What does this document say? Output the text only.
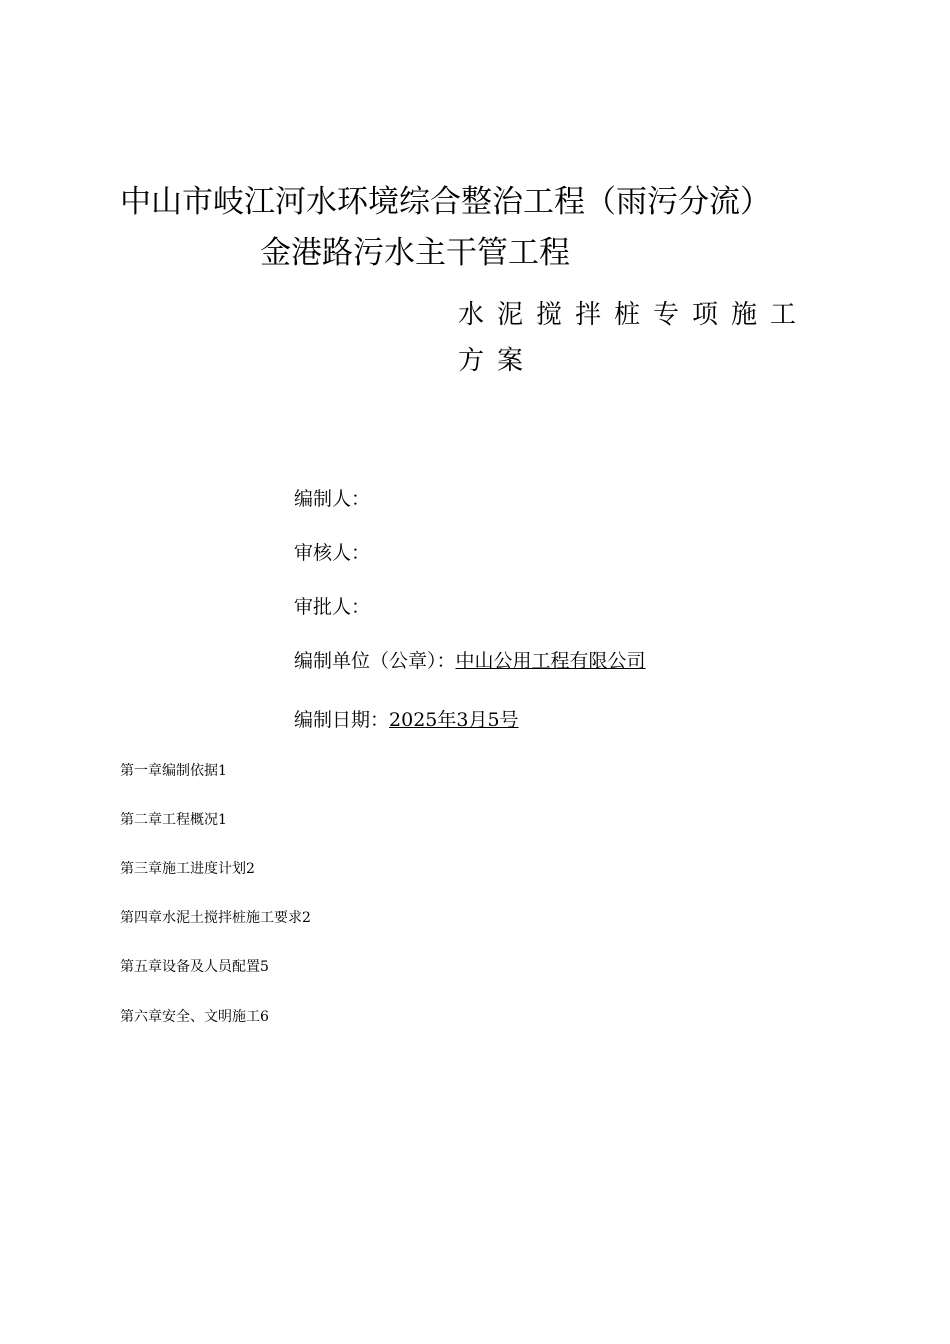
中山市岐江河水环境综合整治工程（雨污分流）
金港路污水主干管工程
水泥搅拌桩专项施工方案
编制人：
审核人：
审批人：
编制单位（公章）：中山公用工程有限公司
编制日期：2025年3月5号
第一章编制依据1
第二章工程概况1
第三章施工进度计划2
第四章水泥土搅拌桩施工要求2
第五章设备及人员配置5
第六章安全、文明施工6
